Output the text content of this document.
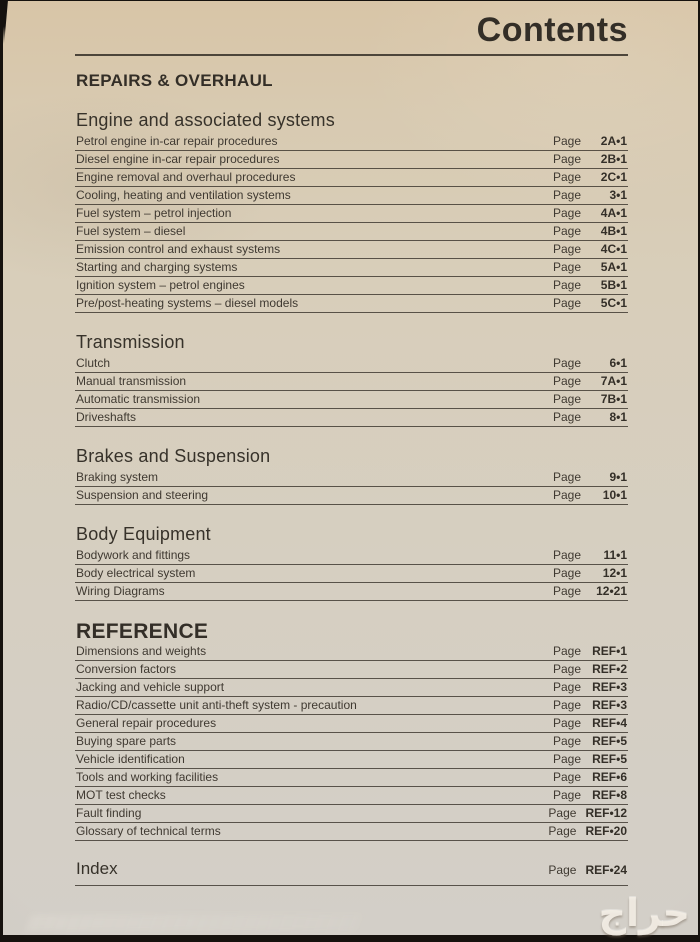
Contents
REPAIRS & OVERHAUL
Engine and associated systems
Petrol engine in-car repair procedures	Page	2A•1
Diesel engine in-car repair procedures	Page	2B•1
Engine removal and overhaul procedures	Page	2C•1
Cooling, heating and ventilation systems	Page	3•1
Fuel system – petrol injection	Page	4A•1
Fuel system – diesel	Page	4B•1
Emission control and exhaust systems	Page	4C•1
Starting and charging systems	Page	5A•1
Ignition system – petrol engines	Page	5B•1
Pre/post-heating systems – diesel models	Page	5C•1
Transmission
Clutch	Page	6•1
Manual transmission	Page	7A•1
Automatic transmission	Page	7B•1
Driveshafts	Page	8•1
Brakes and Suspension
Braking system	Page	9•1
Suspension and steering	Page	10•1
Body Equipment
Bodywork and fittings	Page	11•1
Body electrical system	Page	12•1
Wiring Diagrams	Page	12•21
REFERENCE
Dimensions and weights	Page REF•1
Conversion factors	Page REF•2
Jacking and vehicle support	Page REF•3
Radio/CD/cassette unit anti-theft system - precaution	Page REF•3
General repair procedures	Page REF•4
Buying spare parts	Page REF•5
Vehicle identification	Page REF•5
Tools and working facilities	Page REF•6
MOT test checks	Page REF•8
Fault finding	Page REF•12
Glossary of technical terms	Page REF•20
Index	Page REF•24
حراج
